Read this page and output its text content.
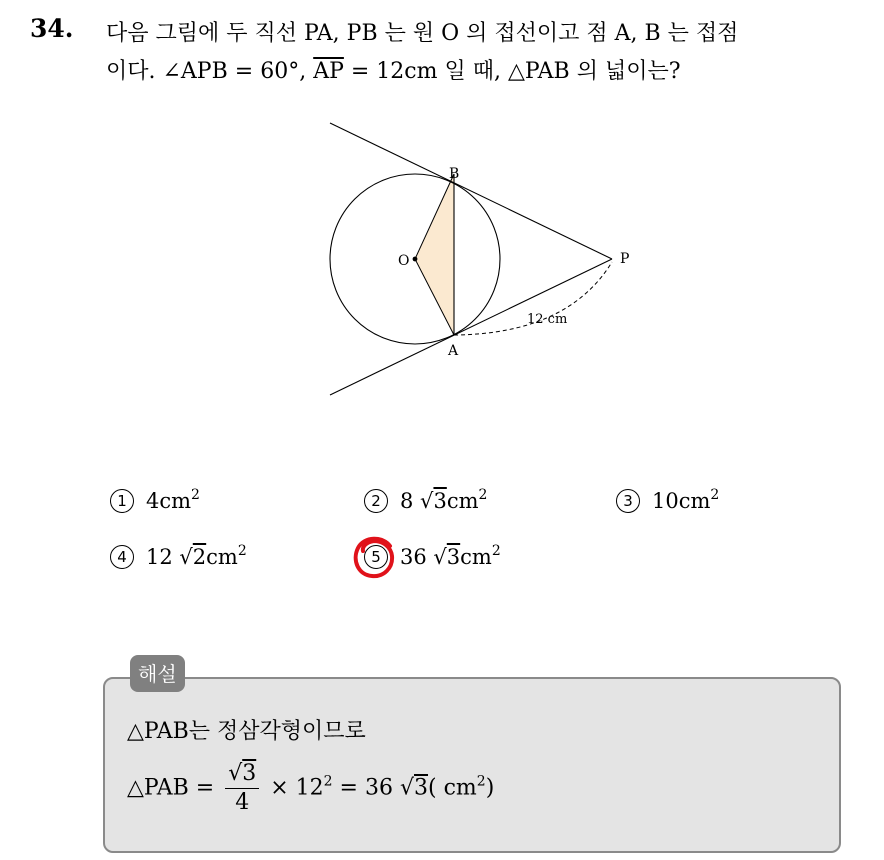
34. 다음 그림에 두 직선 PA, PB 는 원 O 의 접선이고 점 A, B 는 접점
이다. ∠APB = 60°, $\overline{AP} = 12cm$ 일 때, △PAB 의 넓이는?
B
A
O	P
12 cm
1 $4cm^2$	2 8 $√3cm^2$	3 $10cm^2$
4 12 $√2cm^2$	5 36 $√3cm^2$
해설
△PAB는 정삼각형이므로
△PAB = $\frac{√3}{4} \times 12^2 = 36$ √3( $cm^2$)
